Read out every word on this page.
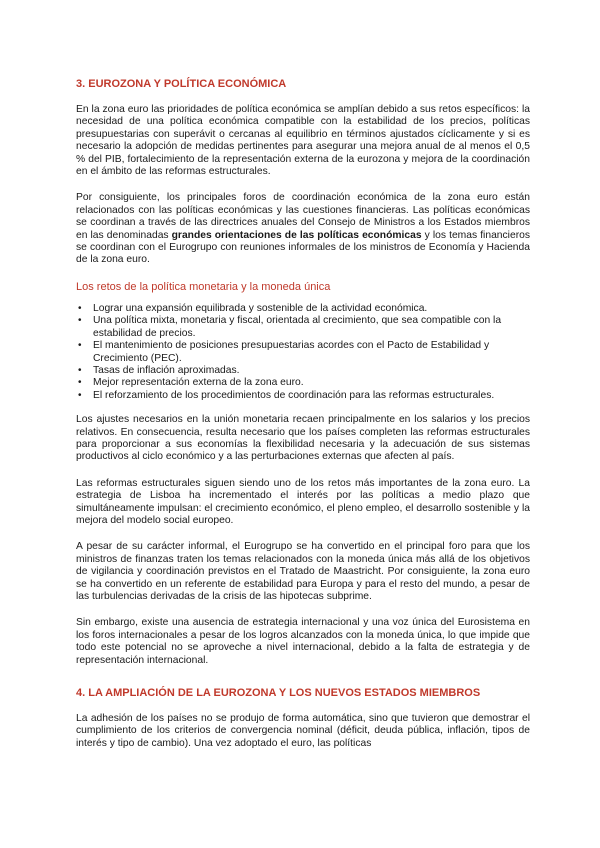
3. EUROZONA Y POLÍTICA ECONÓMICA

En la zona euro las prioridades de política económica se amplían debido a sus retos específicos: la necesidad de una política económica compatible con la estabilidad de los precios, políticas presupuestarias con superávit o cercanas al equilibrio en términos ajustados cíclicamente y si es necesario la adopción de medidas pertinentes para asegurar una mejora anual de al menos el 0,5 % del PIB, fortalecimiento de la representación externa de la eurozona y mejora de la coordinación en el ámbito de las reformas estructurales.

Por consiguiente, los principales foros de coordinación económica de la zona euro están relacionados con las políticas económicas y las cuestiones financieras. Las políticas económicas se coordinan a través de las directrices anuales del Consejo de Ministros a los Estados miembros en las denominadas grandes orientaciones de las políticas económicas y los temas financieros se coordinan con el Eurogrupo con reuniones informales de los ministros de Economía y Hacienda de la zona euro.

Los retos de la política monetaria y la moneda única
• Lograr una expansión equilibrada y sostenible de la actividad económica.
• Una política mixta, monetaria y fiscal, orientada al crecimiento, que sea compatible con la estabilidad de precios.
• El mantenimiento de posiciones presupuestarias acordes con el Pacto de Estabilidad y Crecimiento (PEC).
• Tasas de inflación aproximadas.
• Mejor representación externa de la zona euro.
• El reforzamiento de los procedimientos de coordinación para las reformas estructurales.

Los ajustes necesarios en la unión monetaria recaen principalmente en los salarios y los precios relativos. En consecuencia, resulta necesario que los países completen las reformas estructurales para proporcionar a sus economías la flexibilidad necesaria y la adecuación de sus sistemas productivos al ciclo económico y a las perturbaciones externas que afecten al país.

Las reformas estructurales siguen siendo uno de los retos más importantes de la zona euro. La estrategia de Lisboa ha incrementado el interés por las políticas a medio plazo que simultáneamente impulsan: el crecimiento económico, el pleno empleo, el desarrollo sostenible y la mejora del modelo social europeo.

A pesar de su carácter informal, el Eurogrupo se ha convertido en el principal foro para que los ministros de finanzas traten los temas relacionados con la moneda única más allá de los objetivos de vigilancia y coordinación previstos en el Tratado de Maastricht. Por consiguiente, la zona euro se ha convertido en un referente de estabilidad para Europa y para el resto del mundo, a pesar de las turbulencias derivadas de la crisis de las hipotecas subprime.

Sin embargo, existe una ausencia de estrategia internacional y una voz única del Eurosistema en los foros internacionales a pesar de los logros alcanzados con la moneda única, lo que impide que todo este potencial no se aproveche a nivel internacional, debido a la falta de estrategia y de representación internacional.

4. LA AMPLIACIÓN DE LA EUROZONA Y LOS NUEVOS ESTADOS MIEMBROS

La adhesión de los países no se produjo de forma automática, sino que tuvieron que demostrar el cumplimiento de los criterios de convergencia nominal (déficit, deuda pública, inflación, tipos de interés y tipo de cambio). Una vez adoptado el euro, las políticas
